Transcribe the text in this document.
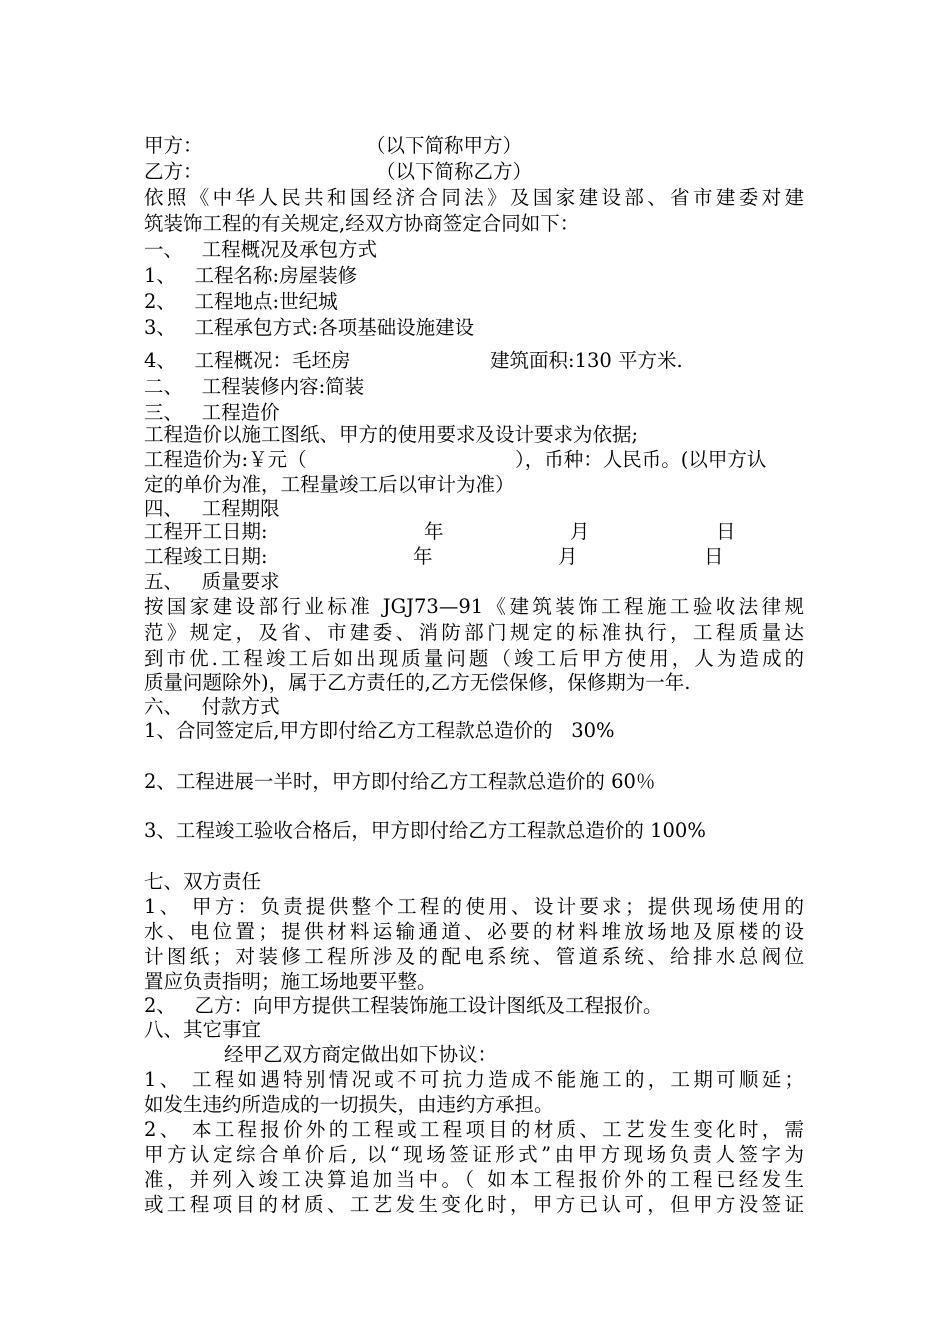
甲方：	（以下简称甲方）
乙方：	（以下简称乙方）
依照《中华人民共和国经济合同法》及国家建设部、省市建委对建
筑装饰工程的有关规定,经双方协商签定合同如下：
一、   工程概况及承包方式
1、   工程名称:房屋装修
2、   工程地点:世纪城
3、   工程承包方式:各项基础设施建设
4、   工程概况：毛坯房	建筑面积:130 平方米.
二、   工程装修内容:简装
三、   工程造价
工程造价以施工图纸、甲方的使用要求及设计要求为依据;
工程造价为:￥元（	），币种：人民币。(以甲方认
定的单价为准，工程量竣工后以审计为准）
四、   工程期限
工程开工日期:	年	月	日
工程竣工日期:	年	月	日
五、   质量要求
按国家建设部行业标准 JGJ73—91《建筑装饰工程施工验收法律规
范》规定，及省、市建委、消防部门规定的标准执行，工程质量达
到市优.工程竣工后如出现质量问题（竣工后甲方使用，人为造成的
质量问题除外)，属于乙方责任的,乙方无偿保修，保修期为一年.
六、   付款方式
1、合同签定后,甲方即付给乙方工程款总造价的   30%
2、工程进展一半时，甲方即付给乙方工程款总造价的 60％
3、工程竣工验收合格后，甲方即付给乙方工程款总造价的 100%
七、双方责任
1、 甲方：负责提供整个工程的使用、设计要求；提供现场使用的
水、电位置；提供材料运输通道、必要的材料堆放场地及原楼的设
计图纸；对装修工程所涉及的配电系统、管道系统、给排水总阀位
置应负责指明；施工场地要平整。
2、   乙方：向甲方提供工程装饰施工设计图纸及工程报价。
八、其它事宜
经甲乙双方商定做出如下协议：
1、 工程如遇特别情况或不可抗力造成不能施工的，工期可顺延；
如发生违约所造成的一切损失，由违约方承担。
2、 本工程报价外的工程或工程项目的材质、工艺发生变化时，需
甲方认定综合单价后, 以“现场签证形式”由甲方现场负责人签字为
准，并列入竣工决算追加当中。（ 如本工程报价外的工程已经发生
或工程项目的材质、工艺发生变化时，甲方已认可，但甲方没签证
